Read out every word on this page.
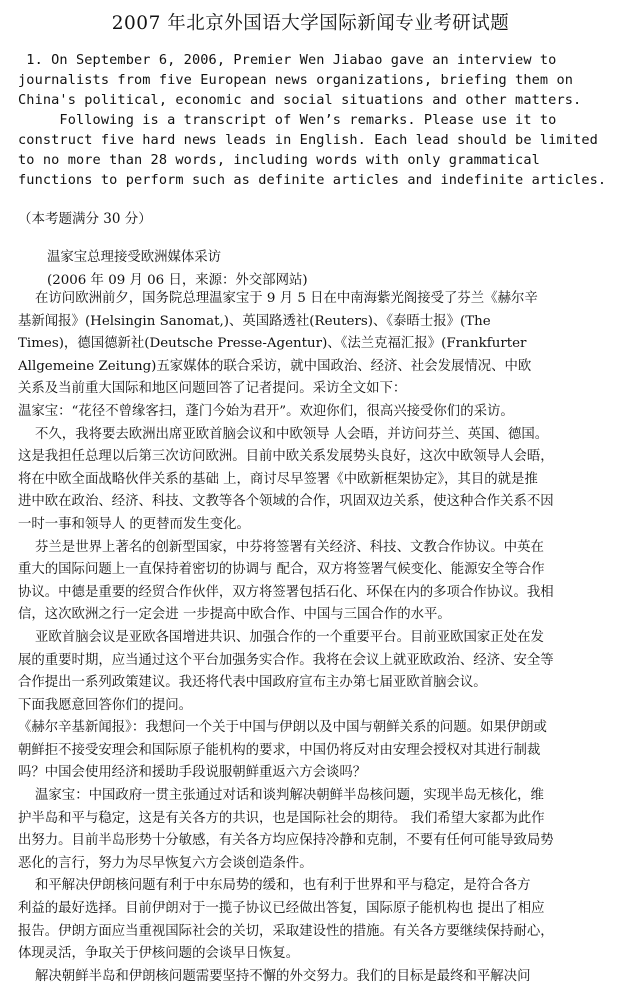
2007 年北京外国语大学国际新闻专业考研试题
1. On September 6, 2006, Premier Wen Jiabao gave an interview to
journalists from five European news organizations, briefing them on
China's political, economic and social situations and other matters.
Following is a transcript of Wen’s remarks. Please use it to
construct five hard news leads in English. Each lead should be limited
to no more than 28 words, including words with only grammatical
functions to perform such as definite articles and indefinite articles.
（本考题满分 30 分）
温家宝总理接受欧洲媒体采访
(2006 年 09 月 06 日，来源：外交部网站)
在访问欧洲前夕，国务院总理温家宝于 9 月 5 日在中南海紫光阁接受了芬兰《赫尔辛
基新闻报》(Helsingin Sanomat,)、英国路透社(Reuters)、《泰晤士报》(The
Times)，德国德新社(Deutsche Presse-Agentur)、《法兰克福汇报》(Frankfurter
Allgemeine Zeitung)五家媒体的联合采访，就中国政治、经济、社会发展情况、中欧
关系及当前重大国际和地区问题回答了记者提问。采访全文如下：
温家宝：“花径不曾缘客扫，蓬门今始为君开”。欢迎你们，很高兴接受你们的采访。
不久，我将要去欧洲出席亚欧首脑会议和中欧领导 人会晤，并访问芬兰、英国、德国。
这是我担任总理以后第三次访问欧洲。目前中欧关系发展势头良好，这次中欧领导人会晤，
将在中欧全面战略伙伴关系的基础 上，商讨尽早签署《中欧新框架协定》，其目的就是推
进中欧在政治、经济、科技、文教等各个领域的合作，巩固双边关系，使这种合作关系不因
一时一事和领导人 的更替而发生变化。
芬兰是世界上著名的创新型国家，中芬将签署有关经济、科技、文教合作协议。中英在
重大的国际问题上一直保持着密切的协调与 配合，双方将签署气候变化、能源安全等合作
协议。中德是重要的经贸合作伙伴，双方将签署包括石化、环保在内的多项合作协议。我相
信，这次欧洲之行一定会进 一步提高中欧合作、中国与三国合作的水平。
亚欧首脑会议是亚欧各国增进共识、加强合作的一个重要平台。目前亚欧国家正处在发
展的重要时期，应当通过这个平台加强务实合作。我将在会议上就亚欧政治、经济、安全等
合作提出一系列政策建议。我还将代表中国政府宣布主办第七届亚欧首脑会议。
下面我愿意回答你们的提问。
《赫尔辛基新闻报》：我想问一个关于中国与伊朗以及中国与朝鲜关系的问题。如果伊朗或
朝鲜拒不接受安理会和国际原子能机构的要求，中国仍将反对由安理会授权对其进行制裁
吗？中国会使用经济和援助手段说服朝鲜重返六方会谈吗？
温家宝：中国政府一贯主张通过对话和谈判解决朝鲜半岛核问题，实现半岛无核化，维
护半岛和平与稳定，这是有关各方的共识，也是国际社会的期待。 我们希望大家都为此作
出努力。目前半岛形势十分敏感，有关各方均应保持冷静和克制，不要有任何可能导致局势
恶化的言行，努力为尽早恢复六方会谈创造条件。
和平解决伊朗核问题有利于中东局势的缓和，也有利于世界和平与稳定，是符合各方
利益的最好选择。目前伊朗对于一揽子协议已经做出答复，国际原子能机构也 提出了相应
报告。伊朗方面应当重视国际社会的关切，采取建设性的措施。有关各方要继续保持耐心，
体现灵活，争取关于伊核问题的会谈早日恢复。
解决朝鲜半岛和伊朗核问题需要坚持不懈的外交努力。我们的目标是最终和平解决问
